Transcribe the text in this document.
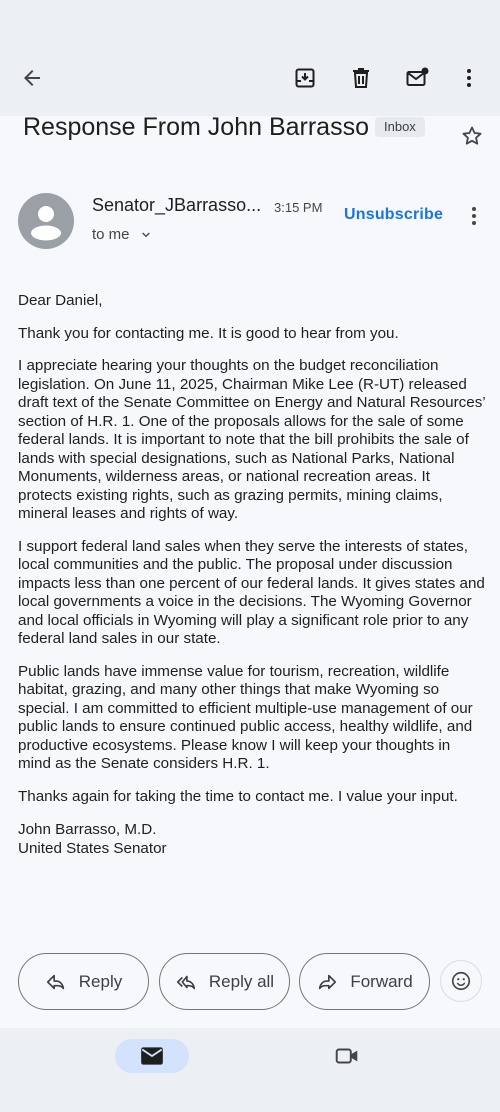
Response From John Barrasso	Inbox
Senator_JBarrasso... 3:15 PM
to me
Unsubscribe

Dear Daniel,

Thank you for contacting me. It is good to hear from you.

I appreciate hearing your thoughts on the budget reconciliation legislation. On June 11, 2025, Chairman Mike Lee (R-UT) released draft text of the Senate Committee on Energy and Natural Resources’ section of H.R. 1. One of the proposals allows for the sale of some federal lands. It is important to note that the bill prohibits the sale of lands with special designations, such as National Parks, National Monuments, wilderness areas, or national recreation areas. It protects existing rights, such as grazing permits, mining claims, mineral leases and rights of way.

I support federal land sales when they serve the interests of states, local communities and the public. The proposal under discussion impacts less than one percent of our federal lands. It gives states and local governments a voice in the decisions. The Wyoming Governor and local officials in Wyoming will play a significant role prior to any federal land sales in our state.

Public lands have immense value for tourism, recreation, wildlife habitat, grazing, and many other things that make Wyoming so special. I am committed to efficient multiple-use management of our public lands to ensure continued public access, healthy wildlife, and productive ecosystems. Please know I will keep your thoughts in mind as the Senate considers H.R. 1.

Thanks again for taking the time to contact me. I value your input.

John Barrasso, M.D.
United States Senator
Reply	Reply all	Forward
